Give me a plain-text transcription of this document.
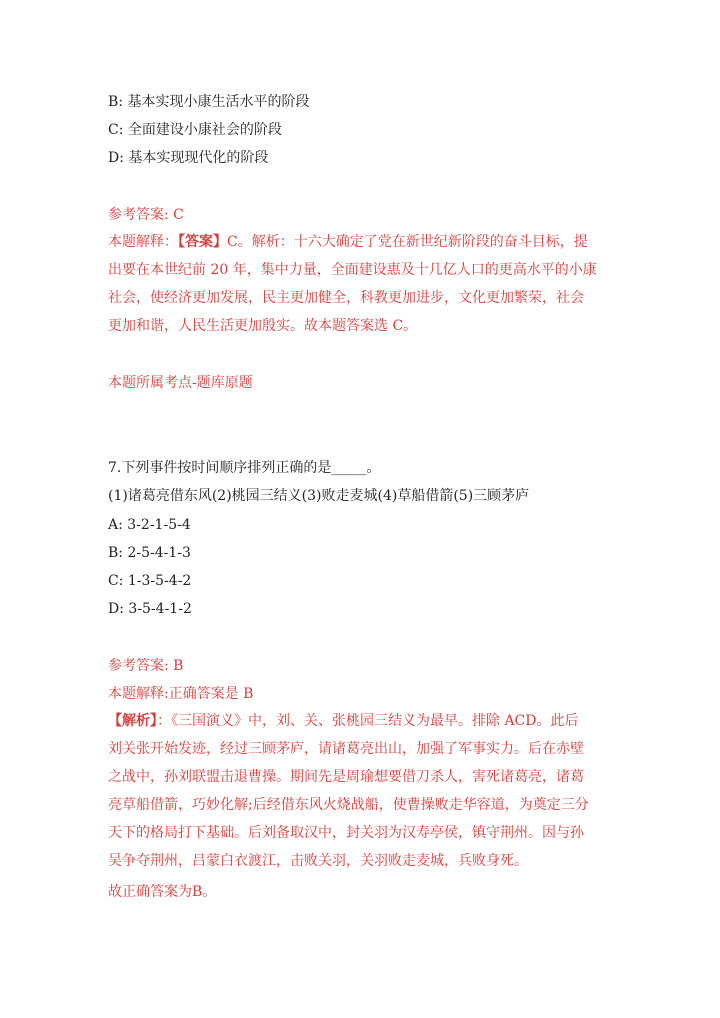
B: 基本实现小康生活水平的阶段
C: 全面建设小康社会的阶段
D: 基本实现现代化的阶段
参考答案: C
本题解释：【答案】C。解析：十六大确定了党在新世纪新阶段的奋斗目标，提
出要在本世纪前 20 年，集中力量，全面建设惠及十几亿人口的更高水平的小康
社会，使经济更加发展，民主更加健全，科教更加进步，文化更加繁荣，社会
更加和谐，人民生活更加殷实。故本题答案选 C。
本题所属考点-题库原题
7.下列事件按时间顺序排列正确的是_____。
(1)诸葛亮借东风(2)桃园三结义(3)败走麦城(4)草船借箭(5)三顾茅庐
A: 3-2-1-5-4
B: 2-5-4-1-3
C: 1-3-5-4-2
D: 3-5-4-1-2
参考答案: B
本题解释:正确答案是 B
【解析】：《三国演义》中，刘、关、张桃园三结义为最早。排除 ACD。此后
刘关张开始发迹，经过三顾茅庐，请诸葛亮出山，加强了军事实力。后在赤壁
之战中，孙刘联盟击退曹操。期间先是周瑜想要借刀杀人，害死诸葛亮，诸葛
亮草船借箭，巧妙化解;后经借东风火烧战船，使曹操败走华容道，为奠定三分
天下的格局打下基础。后刘备取汉中，封关羽为汉寿亭侯，镇守荆州。因与孙
吴争夺荆州，吕蒙白衣渡江，击败关羽，关羽败走麦城，兵败身死。
故正确答案为B。
